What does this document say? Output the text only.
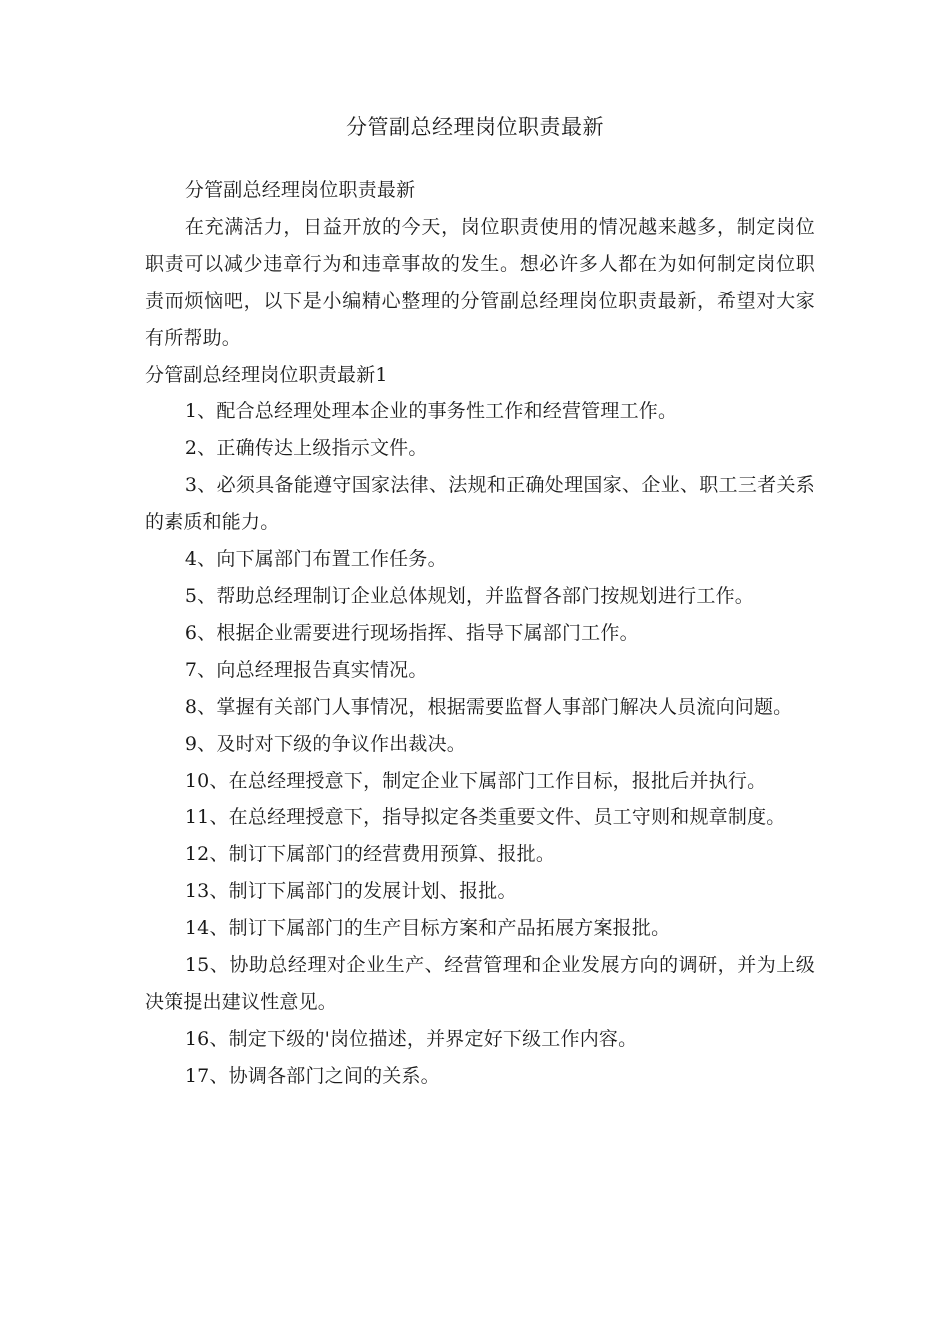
分管副总经理岗位职责最新

分管副总经理岗位职责最新

在充满活力，日益开放的今天，岗位职责使用的情况越来越多，制定岗位职责可以减少违章行为和违章事故的发生。想必许多人都在为如何制定岗位职责而烦恼吧，以下是小编精心整理的分管副总经理岗位职责最新，希望对大家有所帮助。

分管副总经理岗位职责最新1

1、配合总经理处理本企业的事务性工作和经营管理工作。

2、正确传达上级指示文件。

3、必须具备能遵守国家法律、法规和正确处理国家、企业、职工三者关系的素质和能力。

4、向下属部门布置工作任务。

5、帮助总经理制订企业总体规划，并监督各部门按规划进行工作。

6、根据企业需要进行现场指挥、指导下属部门工作。

7、向总经理报告真实情况。

8、掌握有关部门人事情况，根据需要监督人事部门解决人员流向问题。

9、及时对下级的争议作出裁决。

10、在总经理授意下，制定企业下属部门工作目标，报批后并执行。

11、在总经理授意下，指导拟定各类重要文件、员工守则和规章制度。

12、制订下属部门的经营费用预算、报批。

13、制订下属部门的发展计划、报批。

14、制订下属部门的生产目标方案和产品拓展方案报批。

15、协助总经理对企业生产、经营管理和企业发展方向的调研，并为上级决策提出建议性意见。

16、制定下级的'岗位描述，并界定好下级工作内容。

17、协调各部门之间的关系。
